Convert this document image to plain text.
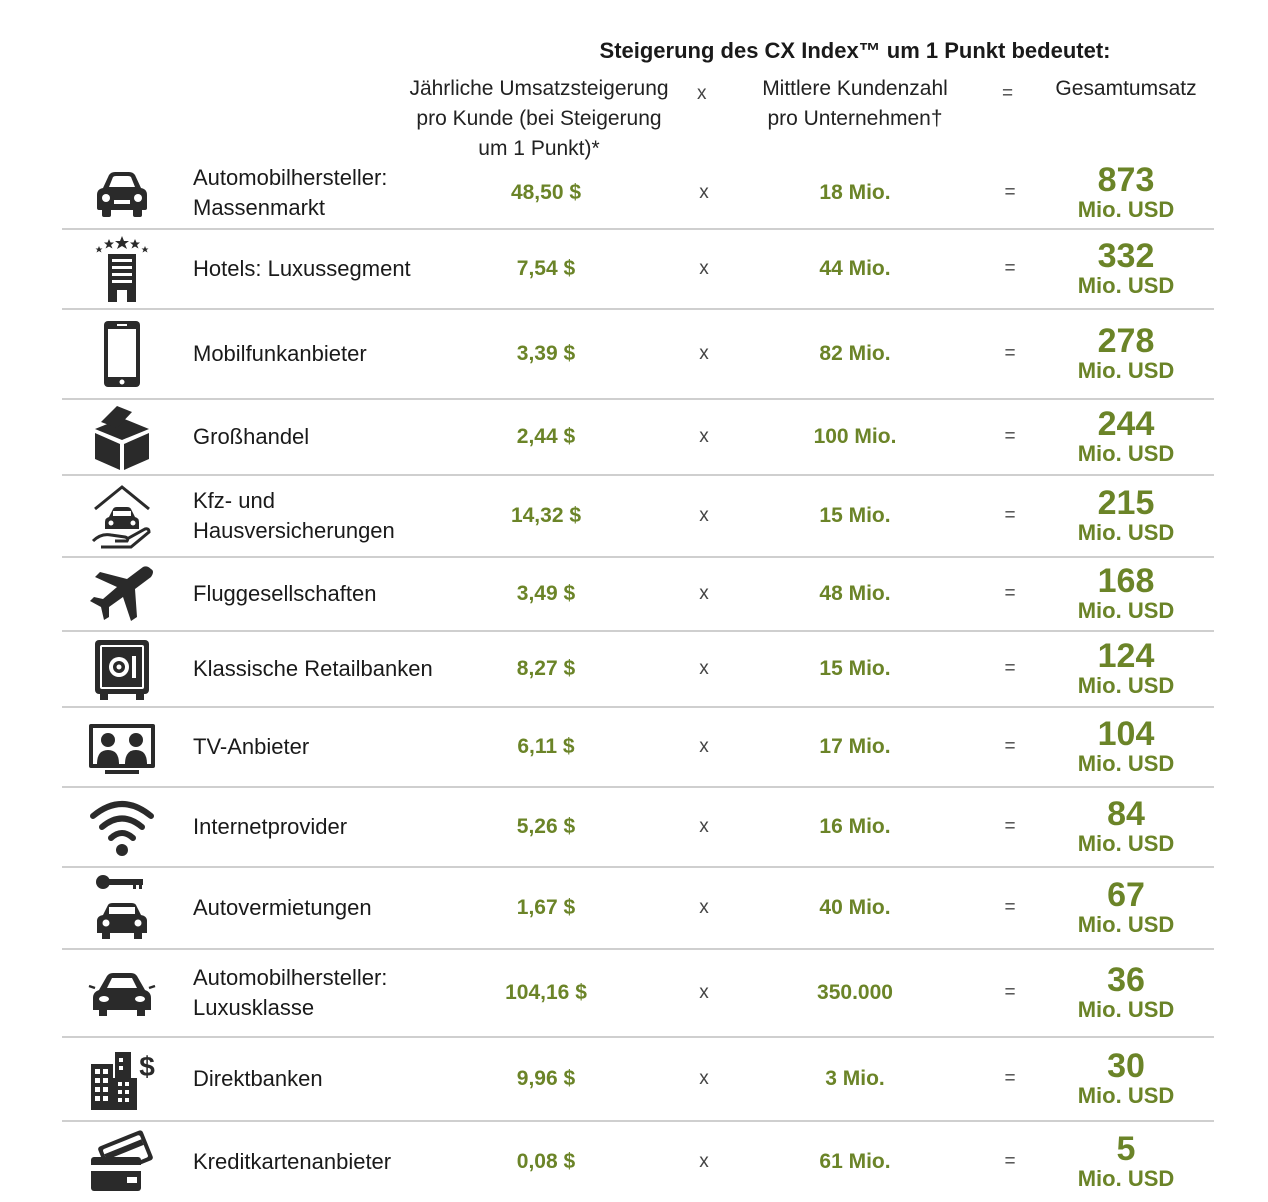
Steigerung des CX Index™ um 1 Punkt bedeutet:
Jährliche Umsatzsteigerung
pro Kunde (bei Steigerung
um 1 Punkt)*
x	Mittlere Kundenzahl
pro Unternehmen†
=	Gesamtumsatz
Automobilhersteller:
Massenmarkt
48,50 $	x	18 Mio.	=	873
Mio. USD
Hotels: Luxussegment	7,54 $	x	44 Mio.	=	332
Mio. USD
Mobilfunkanbieter	3,39 $	x	82 Mio.	=	278
Mio. USD
Großhandel	2,44 $	x	100 Mio.	=	244
Mio. USD
Kfz- und
Hausversicherungen
14,32 $	x	15 Mio.	=	215
Mio. USD
Fluggesellschaften	3,49 $	x	48 Mio.	=	168
Mio. USD
Klassische Retailbanken	8,27 $	x	15 Mio.	=	124
Mio. USD
TV-Anbieter	6,11 $	x	17 Mio.	=	104
Mio. USD
Internetprovider	5,26 $	x	16 Mio.	=	84
Mio. USD
Autovermietungen	1,67 $	x	40 Mio.	=	67
Mio. USD
Automobilhersteller:
Luxusklasse
104,16 $	x	350.000	=	36
Mio. USD
Direktbanken	9,96 $	x	3 Mio.	=	30
Mio. USD
Kreditkartenanbieter	0,08 $	x	61 Mio.	=	5
Mio. USD
